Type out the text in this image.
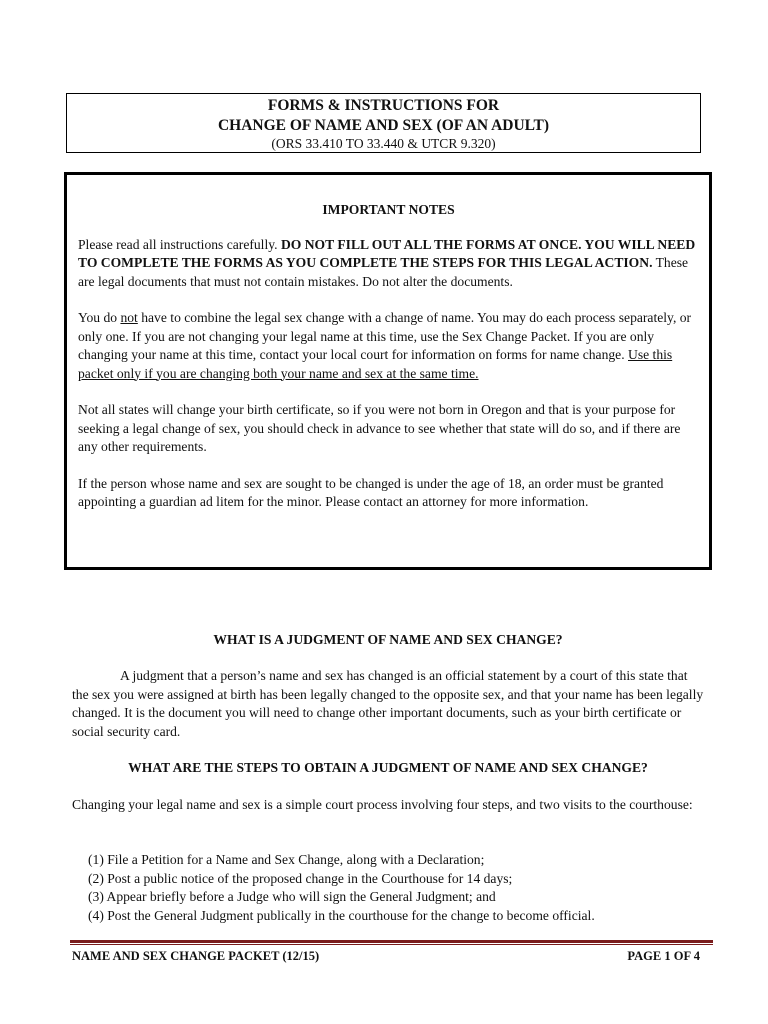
FORMS & INSTRUCTIONS FOR
CHANGE OF NAME AND SEX (OF AN ADULT)
(ORS 33.410 TO 33.440 & UTCR 9.320)
IMPORTANT NOTES

Please read all instructions carefully. DO NOT FILL OUT ALL THE FORMS AT ONCE. YOU WILL NEED TO COMPLETE THE FORMS AS YOU COMPLETE THE STEPS FOR THIS LEGAL ACTION. These are legal documents that must not contain mistakes. Do not alter the documents.

You do not have to combine the legal sex change with a change of name. You may do each process separately, or only one. If you are not changing your legal name at this time, use the Sex Change Packet. If you are only changing your name at this time, contact your local court for information on forms for name change. Use this packet only if you are changing both your name and sex at the same time.

Not all states will change your birth certificate, so if you were not born in Oregon and that is your purpose for seeking a legal change of sex, you should check in advance to see whether that state will do so, and if there are any other requirements.

If the person whose name and sex are sought to be changed is under the age of 18, an order must be granted appointing a guardian ad litem for the minor. Please contact an attorney for more information.

WHAT IS A JUDGMENT OF NAME AND SEX CHANGE?
A judgment that a person’s name and sex has changed is an official statement by a court of this state that the sex you were assigned at birth has been legally changed to the opposite sex, and that your name has been legally changed. It is the document you will need to change other important documents, such as your birth certificate or social security card.
WHAT ARE THE STEPS TO OBTAIN A JUDGMENT OF NAME AND SEX CHANGE?
Changing your legal name and sex is a simple court process involving four steps, and two visits to the courthouse:
(1) File a Petition for a Name and Sex Change, along with a Declaration;
(2) Post a public notice of the proposed change in the Courthouse for 14 days;
(3) Appear briefly before a Judge who will sign the General Judgment; and
(4) Post the General Judgment publically in the courthouse for the change to become official.
NAME AND SEX CHANGE PACKET (12/15)	PAGE 1 OF 4
